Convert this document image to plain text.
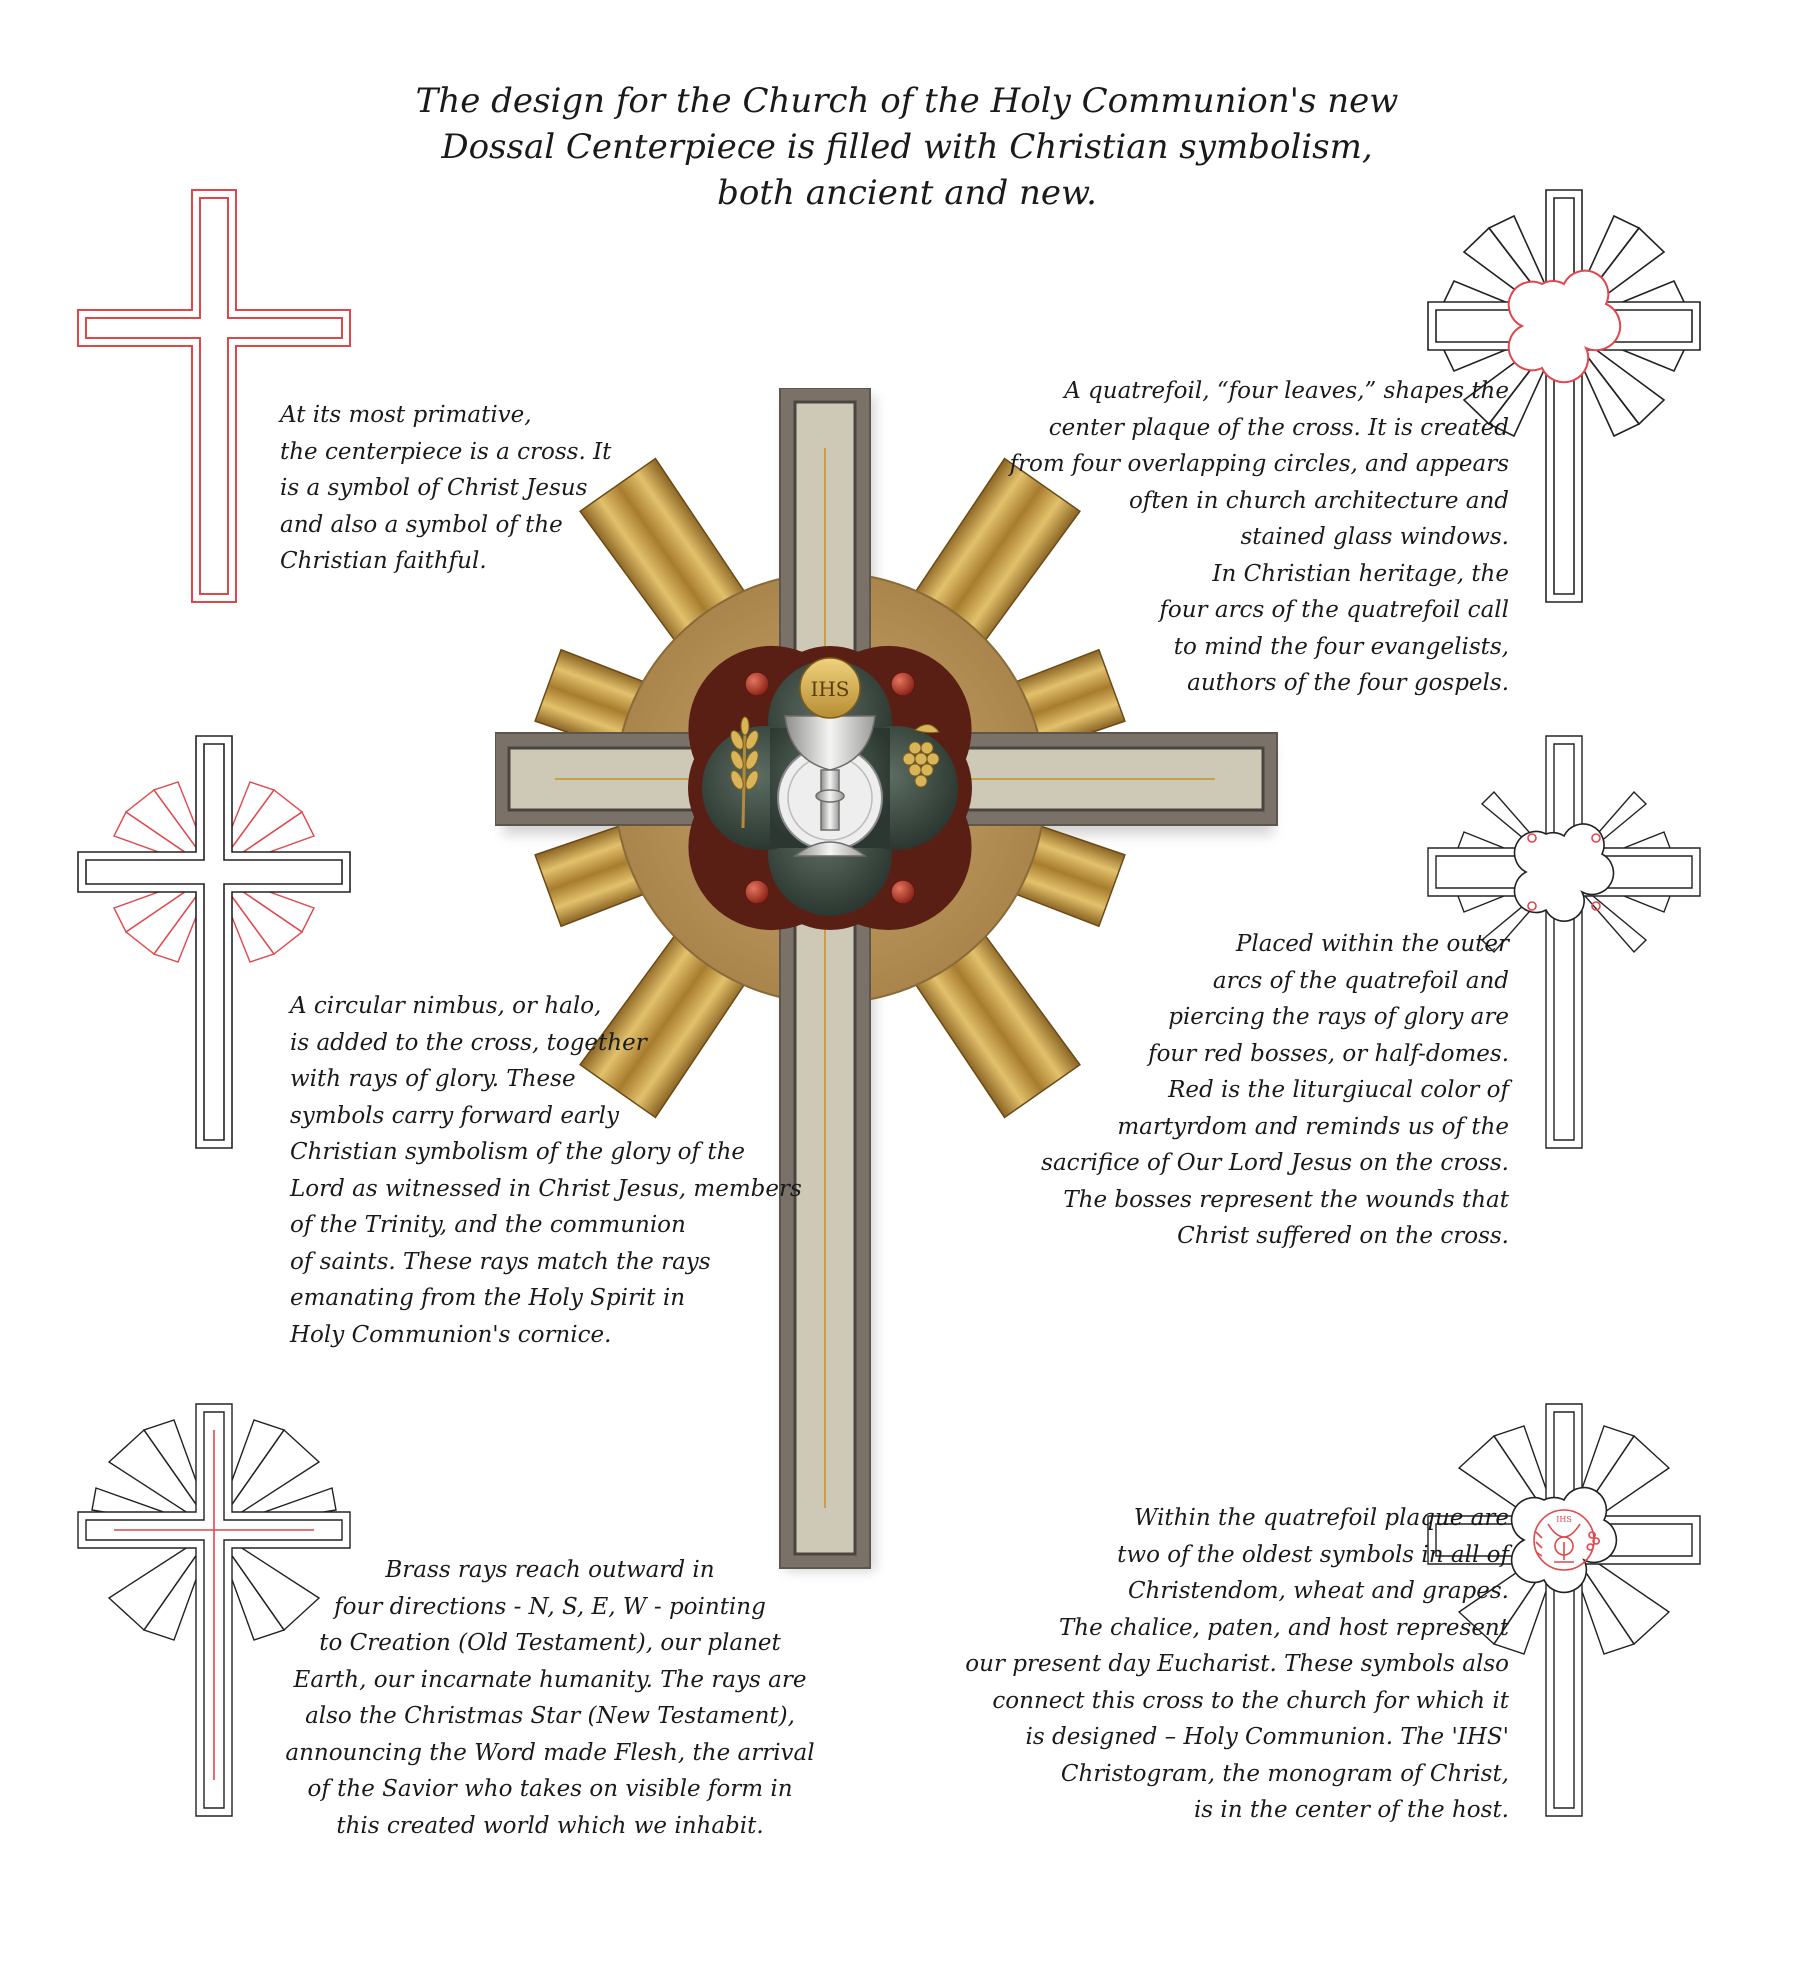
The design for the Church of the Holy Communion's new
Dossal Centerpiece is filled with Christian symbolism,
both ancient and new.
IHS
IHS
At its most primative,
the centerpiece is a cross. It
is a symbol of Christ Jesus
and also a symbol of the
Christian faithful.
A quatrefoil, “four leaves,” shapes the
center plaque of the cross. It is created
from four overlapping circles, and appears
often in church architecture and
stained glass windows.
In Christian heritage, the
four arcs of the quatrefoil call
to mind the four evangelists,
authors of the four gospels.
A circular nimbus, or halo,
is added to the cross, together
with rays of glory. These
symbols carry forward early
Christian symbolism of the glory of the
Lord as witnessed in Christ Jesus, members
of the Trinity, and the communion
of saints. These rays match the rays
emanating from the Holy Spirit in
Holy Communion's cornice.
Placed within the outer
arcs of the quatrefoil and
piercing the rays of glory are
four red bosses, or half-domes.
Red is the liturgiucal color of
martyrdom and reminds us of the
sacrifice of Our Lord Jesus on the cross.
The bosses represent the wounds that
Christ suffered on the cross.
Brass rays reach outward in
four directions - N, S, E, W - pointing
to Creation (Old Testament), our planet
Earth, our incarnate humanity. The rays are
also the Christmas Star (New Testament),
announcing the Word made Flesh, the arrival
of the Savior who takes on visible form in
this created world which we inhabit.
Within the quatrefoil plaque are
two of the oldest symbols in all of
Christendom, wheat and grapes.
The chalice, paten, and host represent
our present day Eucharist. These symbols also
connect this cross to the church for which it
is designed – Holy Communion. The 'IHS'
Christogram, the monogram of Christ,
is in the center of the host.
